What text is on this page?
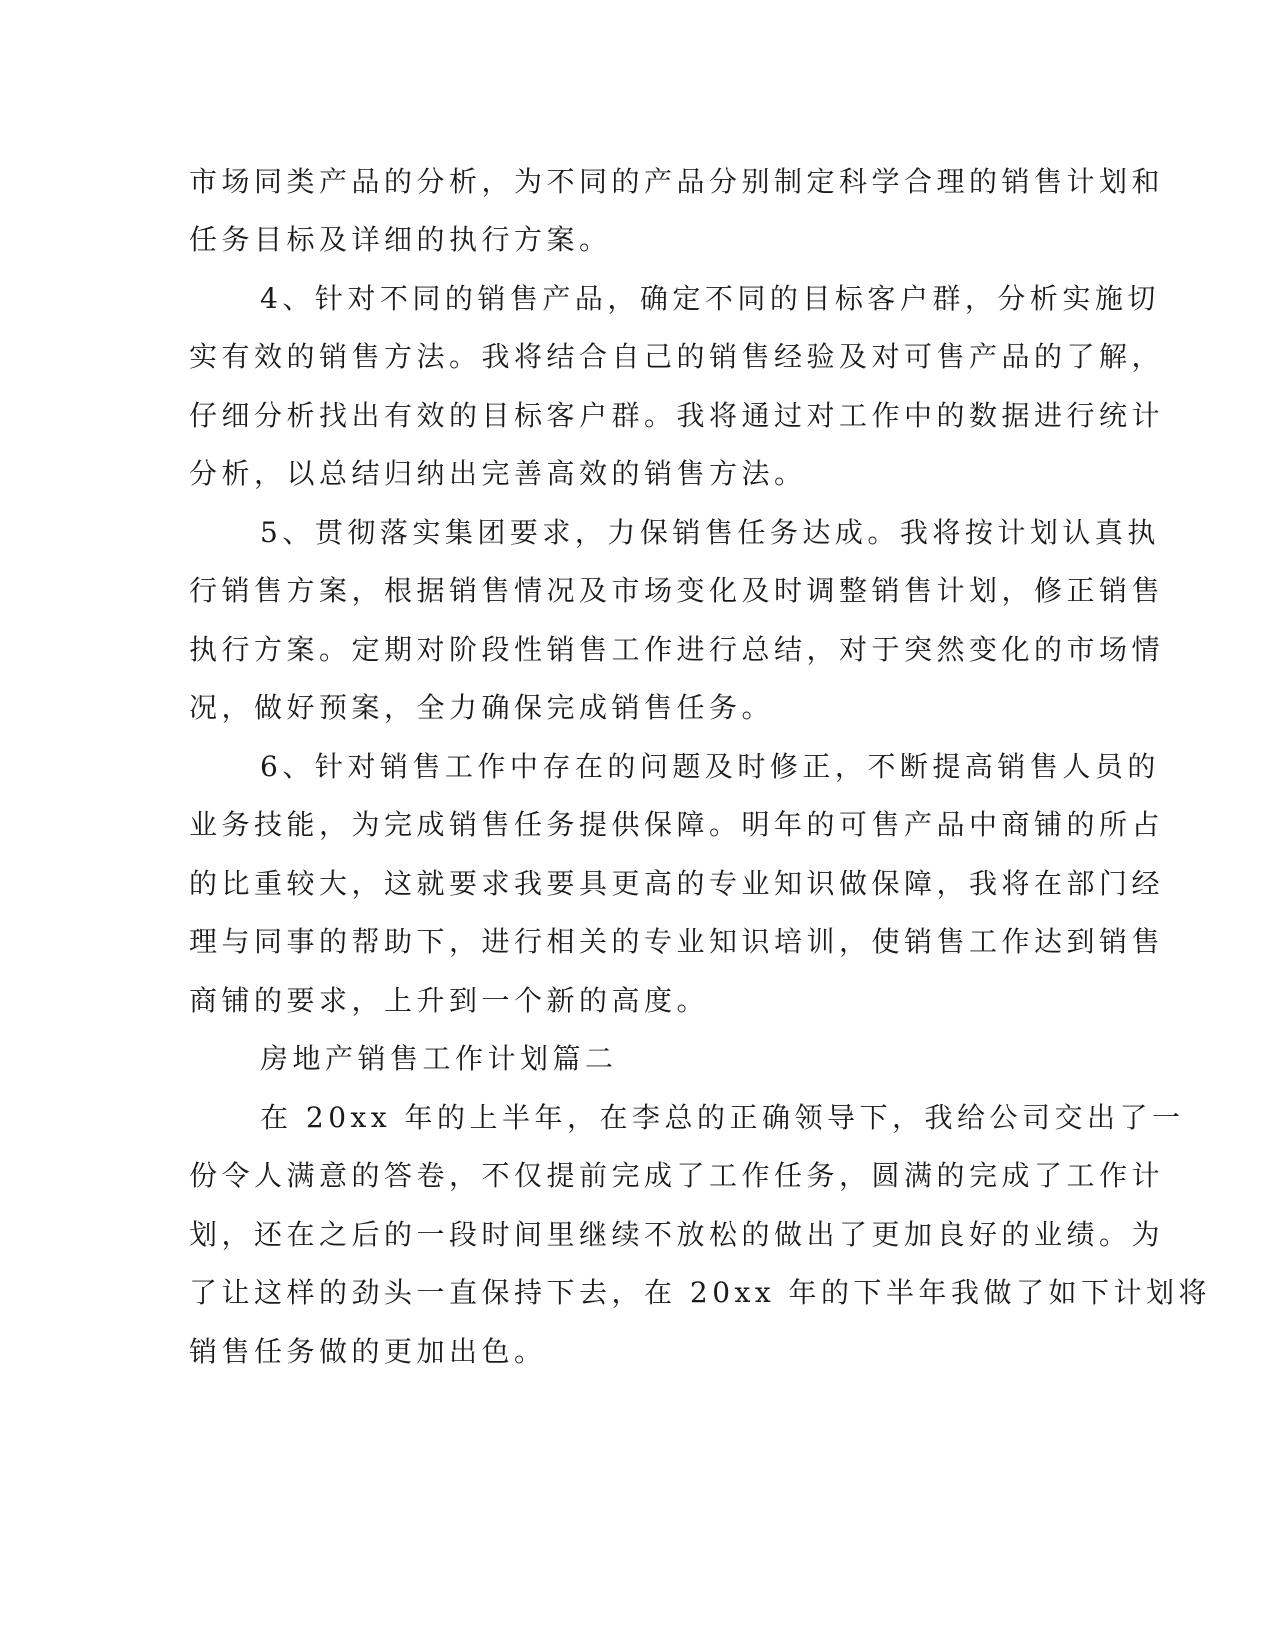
市场同类产品的分析，为不同的产品分别制定科学合理的销售计划和
任务目标及详细的执行方案。
4、针对不同的销售产品，确定不同的目标客户群，分析实施切
实有效的销售方法。我将结合自己的销售经验及对可售产品的了解，
仔细分析找出有效的目标客户群。我将通过对工作中的数据进行统计
分析，以总结归纳出完善高效的销售方法。
5、贯彻落实集团要求，力保销售任务达成。我将按计划认真执
行销售方案，根据销售情况及市场变化及时调整销售计划，修正销售
执行方案。定期对阶段性销售工作进行总结，对于突然变化的市场情
况，做好预案，全力确保完成销售任务。
6、针对销售工作中存在的问题及时修正，不断提高销售人员的
业务技能，为完成销售任务提供保障。明年的可售产品中商铺的所占
的比重较大，这就要求我要具更高的专业知识做保障，我将在部门经
理与同事的帮助下，进行相关的专业知识培训，使销售工作达到销售
商铺的要求，上升到一个新的高度。
房地产销售工作计划篇二
在 20xx 年的上半年，在李总的正确领导下，我给公司交出了一
份令人满意的答卷，不仅提前完成了工作任务，圆满的完成了工作计
划，还在之后的一段时间里继续不放松的做出了更加良好的业绩。为
了让这样的劲头一直保持下去，在 20xx 年的下半年我做了如下计划将
销售任务做的更加出色。
